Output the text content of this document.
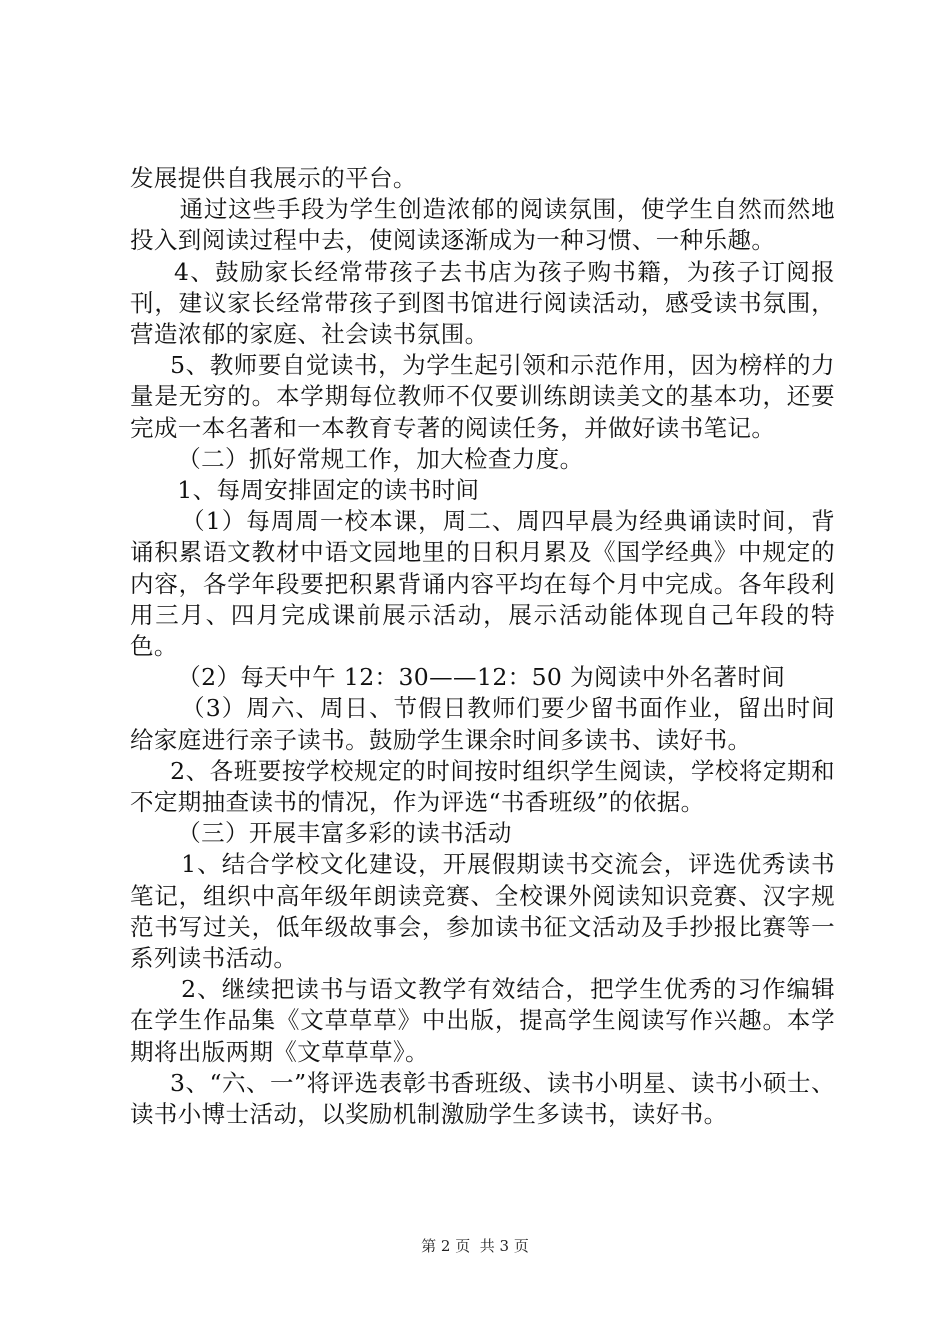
发展提供自我展示的平台。

通过这些手段为学生创造浓郁的阅读氛围，使学生自然而然地投入到阅读过程中去，使阅读逐渐成为一种习惯、一种乐趣。

4、鼓励家长经常带孩子去书店为孩子购书籍，为孩子订阅报刊，建议家长经常带孩子到图书馆进行阅读活动，感受读书氛围，营造浓郁的家庭、社会读书氛围。

5、教师要自觉读书，为学生起引领和示范作用，因为榜样的力量是无穷的。本学期每位教师不仅要训练朗读美文的基本功，还要完成一本名著和一本教育专著的阅读任务，并做好读书笔记。

（二）抓好常规工作，加大检查力度。

1、每周安排固定的读书时间

（1）每周周一校本课，周二、周四早晨为经典诵读时间，背诵积累语文教材中语文园地里的日积月累及《国学经典》中规定的内容，各学年段要把积累背诵内容平均在每个月中完成。各年段利用三月、四月完成课前展示活动，展示活动能体现自己年段的特色。

（2）每天中午 12：30——12：50 为阅读中外名著时间

（3）周六、周日、节假日教师们要少留书面作业，留出时间给家庭进行亲子读书。鼓励学生课余时间多读书、读好书。

2、各班要按学校规定的时间按时组织学生阅读，学校将定期和不定期抽查读书的情况，作为评选“书香班级”的依据。

（三）开展丰富多彩的读书活动

1、结合学校文化建设，开展假期读书交流会，评选优秀读书笔记，组织中高年级年朗读竞赛、全校课外阅读知识竞赛、汉字规范书写过关，低年级故事会，参加读书征文活动及手抄报比赛等一系列读书活动。

2、继续把读书与语文教学有效结合，把学生优秀的习作编辑在学生作品集《文草草草》中出版，提高学生阅读写作兴趣。本学期将出版两期《文草草草》。

3、“六、一”将评选表彰书香班级、读书小明星、读书小硕士、读书小博士活动，以奖励机制激励学生多读书，读好书。

第 2 页  共 3 页
